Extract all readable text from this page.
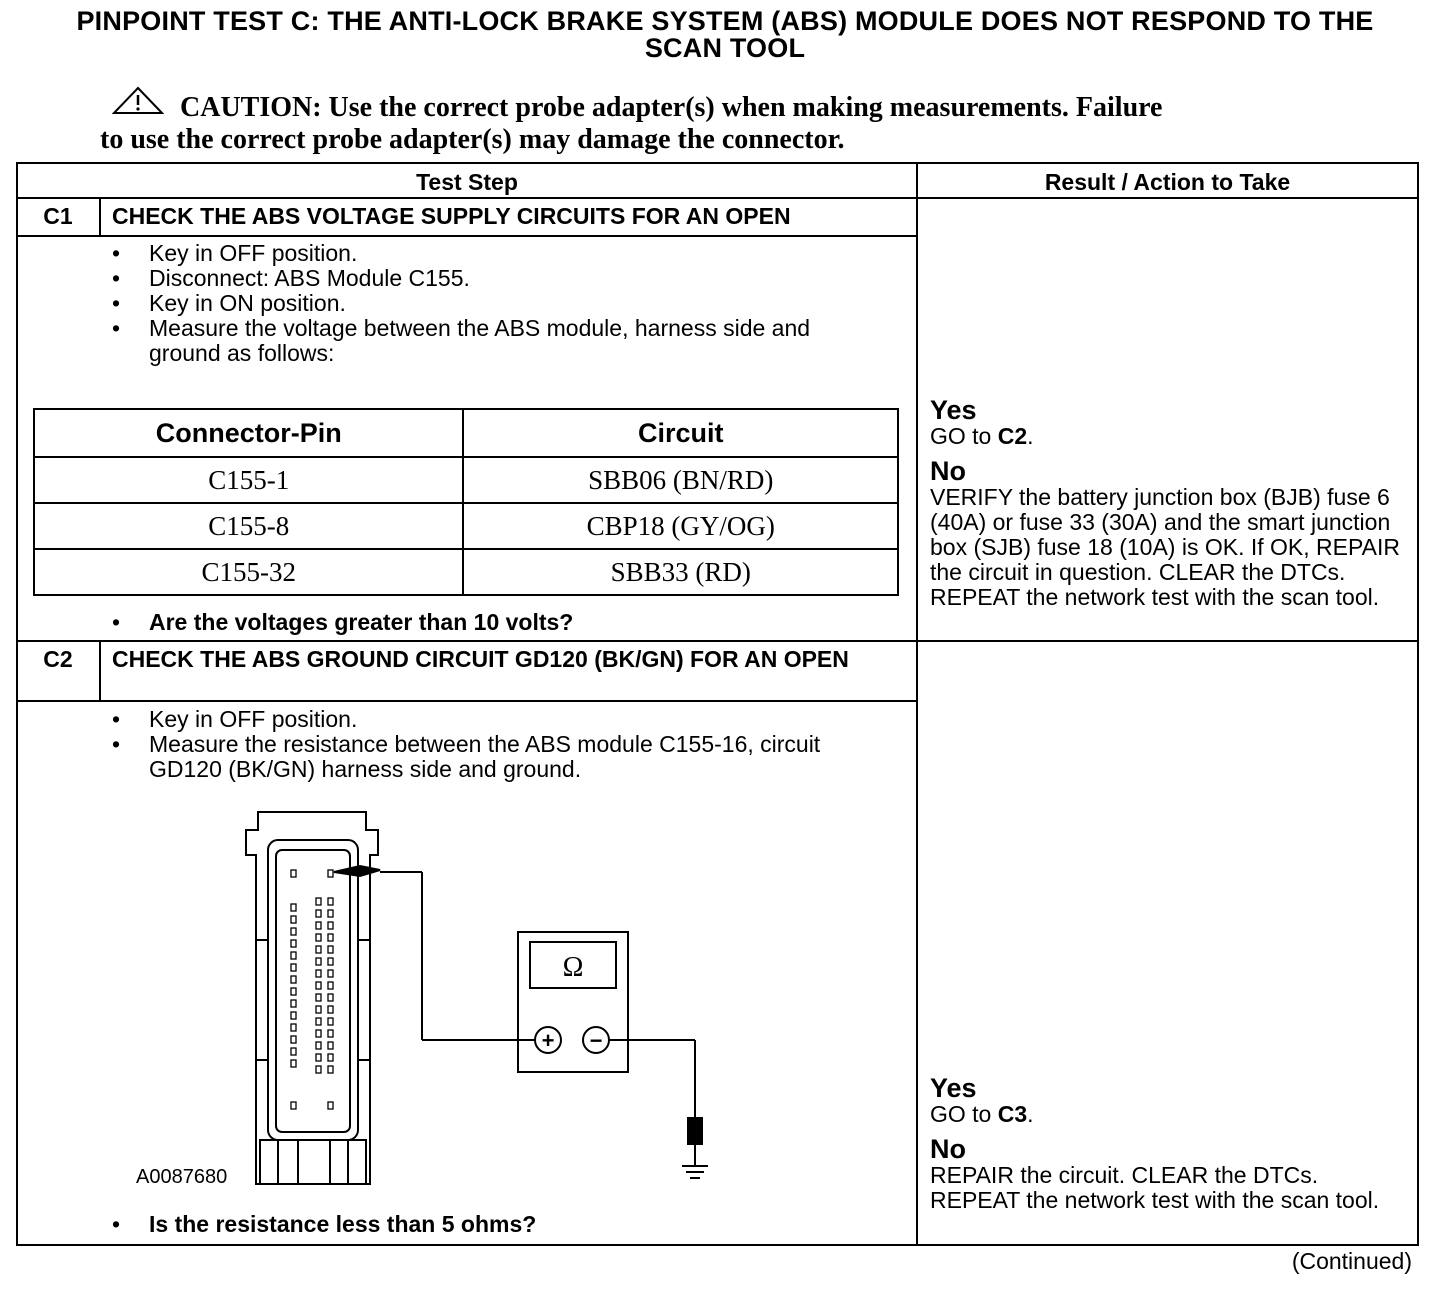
PINPOINT TEST C: THE ANTI-LOCK BRAKE SYSTEM (ABS) MODULE DOES NOT RESPOND TO THE
SCAN TOOL
CAUTION: Use the correct probe adapter(s) when making measurements. Failure
to use the correct probe adapter(s) may damage the connector.
Test Step	Result / Action to Take
C1	CHECK THE ABS VOLTAGE SUPPLY CIRCUITS FOR AN OPEN
• Key in OFF position.
• Disconnect: ABS Module C155.
• Key in ON position.
• Measure the voltage between the ABS module, harness side and ground as follows:
Connector-Pin	Circuit
C155-1	SBB06 (BN/RD)
C155-8	CBP18 (GY/OG)
C155-32	SBB33 (RD)
• Are the voltages greater than 10 volts?
Yes
GO to C2.
No
VERIFY the battery junction box (BJB) fuse 6 (40A) or fuse 33 (30A) and the smart junction box (SJB) fuse 18 (10A) is OK. If OK, REPAIR the circuit in question. CLEAR the DTCs. REPEAT the network test with the scan tool.
C2	CHECK THE ABS GROUND CIRCUIT GD120 (BK/GN) FOR AN OPEN
• Key in OFF position.
• Measure the resistance between the ABS module C155-16, circuit GD120 (BK/GN) harness side and ground.
Ω
+ −
A0087680
• Is the resistance less than 5 ohms?
Yes
GO to C3.
No
REPAIR the circuit. CLEAR the DTCs. REPEAT the network test with the scan tool.
(Continued)
